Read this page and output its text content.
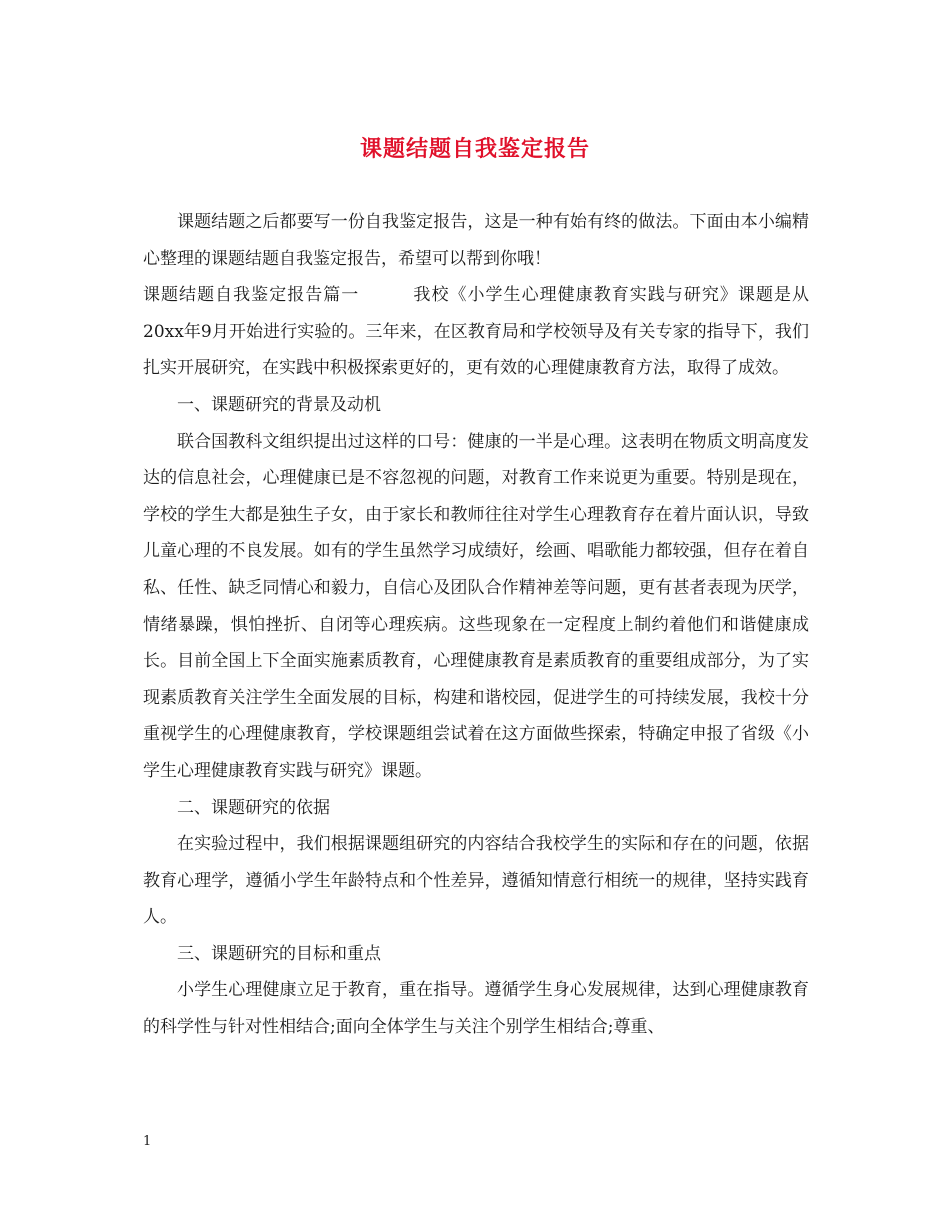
课题结题自我鉴定报告

课题结题之后都要写一份自我鉴定报告，这是一种有始有终的做法。下面由本小编精心整理的课题结题自我鉴定报告，希望可以帮到你哦！

课题结题自我鉴定报告篇一　　　我校《小学生心理健康教育实践与研究》课题是从20xx年9月开始进行实验的。三年来，在区教育局和学校领导及有关专家的指导下，我们扎实开展研究，在实践中积极探索更好的，更有效的心理健康教育方法，取得了成效。

一、课题研究的背景及动机

联合国教科文组织提出过这样的口号：健康的一半是心理。这表明在物质文明高度发达的信息社会，心理健康已是不容忽视的问题，对教育工作来说更为重要。特别是现在，学校的学生大都是独生子女，由于家长和教师往往对学生心理教育存在着片面认识，导致儿童心理的不良发展。如有的学生虽然学习成绩好，绘画、唱歌能力都较强，但存在着自私、任性、缺乏同情心和毅力，自信心及团队合作精神差等问题，更有甚者表现为厌学，情绪暴躁，惧怕挫折、自闭等心理疾病。这些现象在一定程度上制约着他们和谐健康成长。目前全国上下全面实施素质教育，心理健康教育是素质教育的重要组成部分，为了实现素质教育关注学生全面发展的目标，构建和谐校园，促进学生的可持续发展，我校十分重视学生的心理健康教育，学校课题组尝试着在这方面做些探索，特确定申报了省级《小学生心理健康教育实践与研究》课题。

二、课题研究的依据

在实验过程中，我们根据课题组研究的内容结合我校学生的实际和存在的问题，依据教育心理学，遵循小学生年龄特点和个性差异，遵循知情意行相统一的规律，坚持实践育人。

三、课题研究的目标和重点

小学生心理健康立足于教育，重在指导。遵循学生身心发展规律，达到心理健康教育的科学性与针对性相结合;面向全体学生与关注个别学生相结合;尊重、

1
